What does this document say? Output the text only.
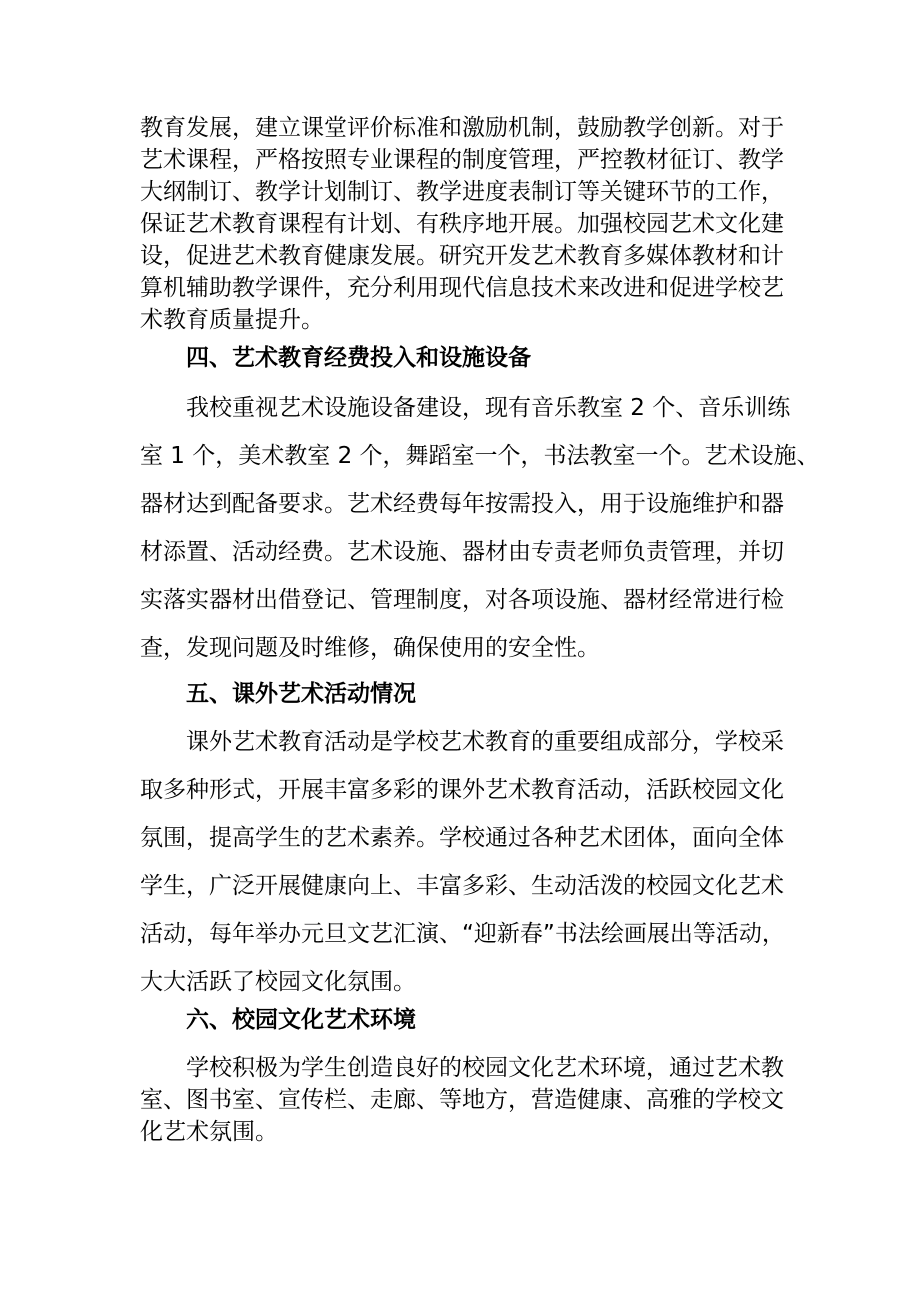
教育发展，建立课堂评价标准和激励机制，鼓励教学创新。对于
艺术课程，严格按照专业课程的制度管理，严控教材征订、教学
大纲制订、教学计划制订、教学进度表制订等关键环节的工作，
保证艺术教育课程有计划、有秩序地开展。加强校园艺术文化建
设，促进艺术教育健康发展。研究开发艺术教育多媒体教材和计
算机辅助教学课件，充分利用现代信息技术来改进和促进学校艺
术教育质量提升。
四、艺术教育经费投入和设施设备
我校重视艺术设施设备建设，现有音乐教室 2 个、音乐训练
室 1 个，美术教室 2 个，舞蹈室一个，书法教室一个。艺术设施、
器材达到配备要求。艺术经费每年按需投入，用于设施维护和器
材添置、活动经费。艺术设施、器材由专责老师负责管理，并切
实落实器材出借登记、管理制度，对各项设施、器材经常进行检
查，发现问题及时维修，确保使用的安全性。
五、课外艺术活动情况
课外艺术教育活动是学校艺术教育的重要组成部分，学校采
取多种形式，开展丰富多彩的课外艺术教育活动，活跃校园文化
氛围，提高学生的艺术素养。学校通过各种艺术团体，面向全体
学生，广泛开展健康向上、丰富多彩、生动活泼的校园文化艺术
活动，每年举办元旦文艺汇演、“迎新春”书法绘画展出等活动，
大大活跃了校园文化氛围。
六、校园文化艺术环境
学校积极为学生创造良好的校园文化艺术环境，通过艺术教
室、图书室、宣传栏、走廊、等地方，营造健康、高雅的学校文
化艺术氛围。
